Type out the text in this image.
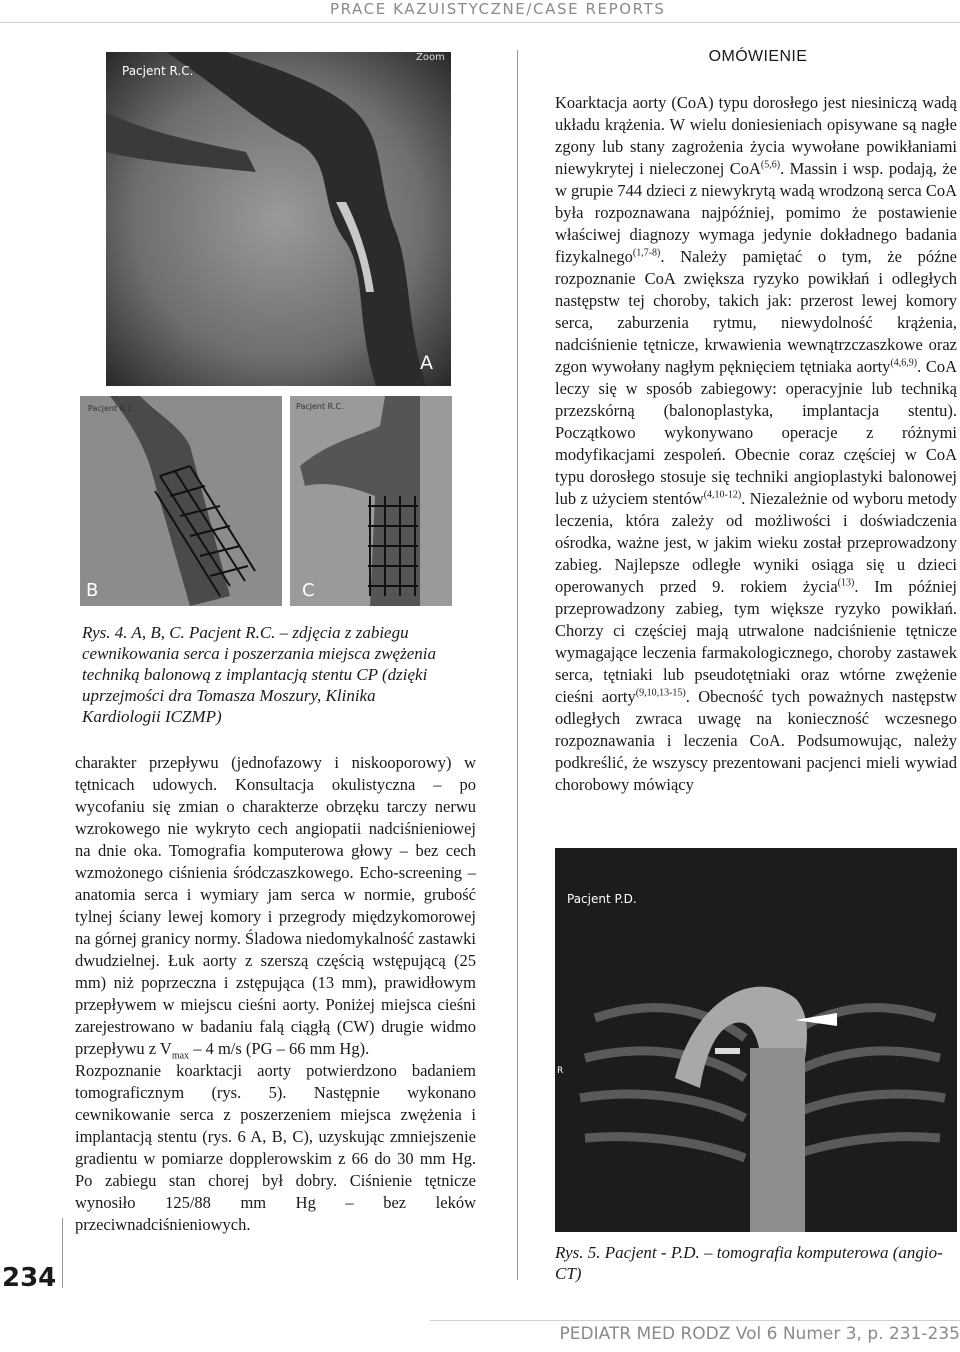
PRACE KAZUISTYCZNE/CASE REPORTS
Pacjent R.C.
Zoom
A
Pacjent R.C.
B
Pacjent R.C.
C
Rys. 4. A, B, C. Pacjent R.C. – zdjęcia z zabiegu cewnikowania serca i poszerzania miejsca zwężenia techniką balonową z implantacją stentu CP (dzięki uprzejmości dra Tomasza Moszury, Klinika Kardiologii ICZMP)

charakter przepływu (jednofazowy i niskooporowy) w tętnicach udowych. Konsultacja okulistyczna – po wycofaniu się zmian o charakterze obrzęku tarczy nerwu wzrokowego nie wykryto cech angiopatii nadciśnieniowej na dnie oka. Tomografia komputerowa głowy – bez cech wzmożonego ciśnienia śródczaszkowego. Echo-screening – anatomia serca i wymiary jam serca w normie, grubość tylnej ściany lewej komory i przegrody międzykomorowej na górnej granicy normy. Śladowa niedomykalność zastawki dwudzielnej. Łuk aorty z szerszą częścią wstępującą (25 mm) niż poprzeczna i zstępująca (13 mm), prawidłowym przepływem w miejscu cieśni aorty. Poniżej miejsca cieśni zarejestrowano w badaniu falą ciągłą (CW) drugie widmo przepływu z $V_{max} - 4$ m/s (PG – 66 mm Hg).

Rozpoznanie koarktacji aorty potwierdzono badaniem tomograficznym (rys. 5). Następnie wykonano cewnikowanie serca z poszerzeniem miejsca zwężenia i implantacją stentu (rys. 6 A, B, C), uzyskując zmniejszenie gradientu w pomiarze dopplerowskim z 66 do 30 mm Hg. Po zabiegu stan chorej był dobry. Ciśnienie tętnicze wynosiło 125/88 mm Hg – bez leków przeciwnadciśnieniowych.

234
OMÓWIENIE

Koarktacja aorty (CoA) typu dorosłego jest niesiniczą wadą układu krążenia. W wielu doniesieniach opisywane są nagłe zgony lub stany zagrożenia życia wywołane powikłaniami niewykrytej i nieleczonej CoA$^{(5,6)}$. Massin i wsp. podają, że w grupie 744 dzieci z niewykrytą wadą wrodzoną serca CoA była rozpoznawana najpóźniej, pomimo że postawienie właściwej diagnozy wymaga jedynie dokładnego badania fizykalnego$^{(1,7-8)}$. Należy pamiętać o tym, że późne rozpoznanie CoA zwiększa ryzyko powikłań i odległych następstw tej choroby, takich jak: przerost lewej komory serca, zaburzenia rytmu, niewydolność krążenia, nadciśnienie tętnicze, krwawienia wewnątrzczaszkowe oraz zgon wywołany nagłym pęknięciem tętniaka aorty$^{(4,6,9)}$. CoA leczy się w sposób zabiegowy: operacyjnie lub techniką przezskórną (balonoplastyka, implantacja stentu). Początkowo wykonywano operacje z różnymi modyfikacjami zespoleń. Obecnie coraz częściej w CoA typu dorosłego stosuje się techniki angioplastyki balonowej lub z użyciem stentów$^{(4,10-12)}$. Niezależnie od wyboru metody leczenia, która zależy od możliwości i doświadczenia ośrodka, ważne jest, w jakim wieku został przeprowadzony zabieg. Najlepsze odległe wyniki osiąga się u dzieci operowanych przed 9. rokiem życia$^{(13)}$. Im później przeprowadzony zabieg, tym większe ryzyko powikłań. Chorzy ci częściej mają utrwalone nadciśnienie tętnicze wymagające leczenia farmakologicznego, choroby zastawek serca, tętniaki lub pseudotętniaki oraz wtórne zwężenie cieśni aorty$^{(9,10,13-15)}$. Obecność tych poważnych następstw odległych zwraca uwagę na konieczność wczesnego rozpoznawania i leczenia CoA. Podsumowując, należy podkreślić, że wszyscy prezentowani pacjenci mieli wywiad chorobowy mówiący

Pacjent P.D.
R
Rys. 5. Pacjent - P.D. – tomografia komputerowa (angio-CT)
PEDIATR MED RODZ Vol 6 Numer 3, p. 231-235
